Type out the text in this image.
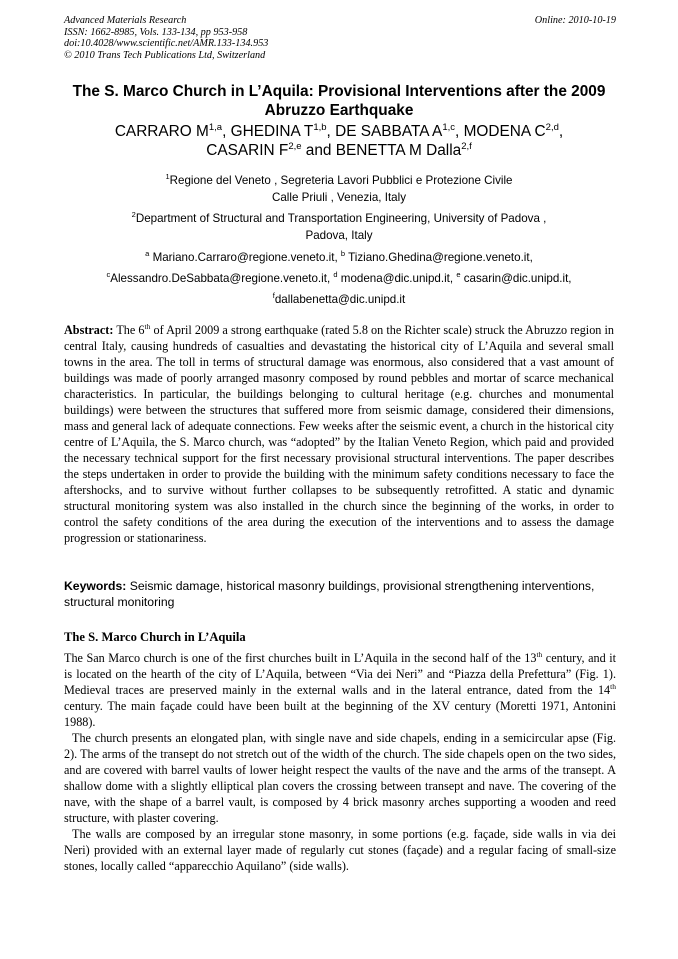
Advanced Materials Research
ISSN: 1662-8985, Vols. 133-134, pp 953-958
doi:10.4028/www.scientific.net/AMR.133-134.953
© 2010 Trans Tech Publications Ltd, Switzerland
Online: 2010-10-19
The S. Marco Church in L’Aquila: Provisional Interventions after the 2009
Abruzzo Earthquake
CARRARO M$^{1,a}$, GHEDINA T$^{1,b}$, DE SABBATA A$^{1,c}$, MODENA C$^{2,d}$,
CASARIN F$^{2,e}$ and BENETTA M Dalla$^{2,f}$
$^1$Regione del Veneto , Segreteria Lavori Pubblici e Protezione Civile
Calle Priuli , Venezia, Italy
$^2$Department of Structural and Transportation Engineering, University of Padova ,
Padova, Italy
$^a$ Mariano.Carraro@regione.veneto.it, $^b$ Tiziano.Ghedina@regione.veneto.it,
$^c$Alessandro.DeSabbata@regione.veneto.it, $^d$ modena@dic.unipd.it, $^e$ casarin@dic.unipd.it,
$^f$dallabenetta@dic.unipd.it
Abstract: The 6th of April 2009 a strong earthquake (rated 5.8 on the Richter scale) struck the Abruzzo region in central Italy, causing hundreds of casualties and devastating the historical city of L’Aquila and several small towns in the area. The toll in terms of structural damage was enormous, also considered that a vast amount of buildings was made of poorly arranged masonry composed by round pebbles and mortar of scarce mechanical characteristics. In particular, the buildings belonging to cultural heritage (e.g. churches and monumental buildings) were between the structures that suffered more from seismic damage, considered their dimensions, mass and general lack of adequate connections. Few weeks after the seismic event, a church in the historical city centre of L’Aquila, the S. Marco church, was “adopted” by the Italian Veneto Region, which paid and provided the necessary technical support for the first necessary provisional structural interventions. The paper describes the steps undertaken in order to provide the building with the minimum safety conditions necessary to face the aftershocks, and to survive without further collapses to be subsequently retrofitted. A static and dynamic structural monitoring system was also installed in the church since the beginning of the works, in order to control the safety conditions of the area during the execution of the interventions and to assess the damage progression or stationariness.
Keywords: Seismic damage, historical masonry buildings, provisional strengthening interventions, structural monitoring
The S. Marco Church in L’Aquila

The San Marco church is one of the first churches built in L’Aquila in the second half of the 13th century, and it is located on the hearth of the city of L’Aquila, between “Via dei Neri” and “Piazza della Prefettura” (Fig. 1). Medieval traces are preserved mainly in the external walls and in the lateral entrance, dated from the 14th century. The main façade could have been built at the beginning of the XV century (Moretti 1971, Antonini 1988).

The church presents an elongated plan, with single nave and side chapels, ending in a semicircular apse (Fig. 2). The arms of the transept do not stretch out of the width of the church. The side chapels open on the two sides, and are covered with barrel vaults of lower height respect the vaults of the nave and the arms of the transept. A shallow dome with a slightly elliptical plan covers the crossing between transept and nave. The covering of the nave, with the shape of a barrel vault, is composed by 4 brick masonry arches supporting a wooden and reed structure, with plaster covering.

The walls are composed by an irregular stone masonry, in some portions (e.g. façade, side walls in via dei Neri) provided with an external layer made of regularly cut stones (façade) and a regular facing of small-size stones, locally called “apparecchio Aquilano” (side walls).
